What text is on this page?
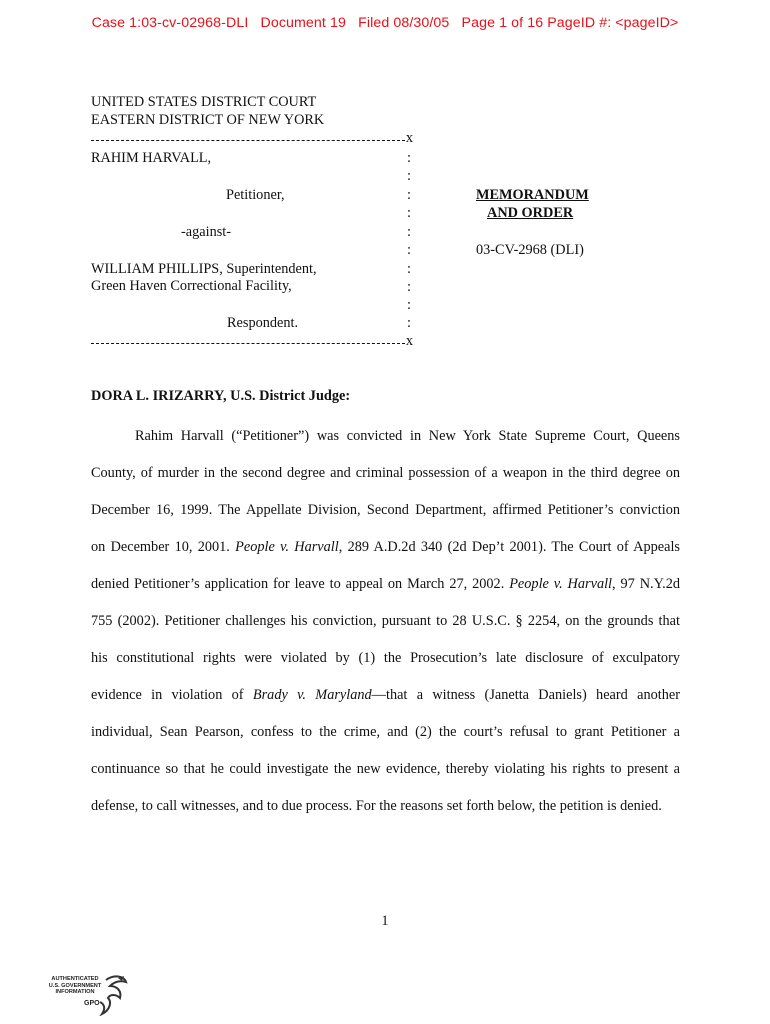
Case 1:03-cv-02968-DLI   Document 19   Filed 08/30/05   Page 1 of 16 PageID #: <pageID>
UNITED STATES DISTRICT COURT
EASTERN DISTRICT OF NEW YORK
x
RAHIM HARVALL,
Petitioner,
-against-
WILLIAM PHILLIPS, Superintendent,
Green Haven Correctional Facility,
Respondent.
x
:
:
:
:
:
:
:
:
:
:
MEMORANDUM
AND ORDER
03-CV-2968 (DLI)
DORA L. IRIZARRY, U.S. District Judge:
Rahim Harvall (“Petitioner”) was convicted in New York State Supreme Court, Queens
County, of murder in the second degree and criminal possession of a weapon in the third degree on
December 16, 1999. The Appellate Division, Second Department, affirmed Petitioner’s conviction
on December 10, 2001. People v. Harvall, 289 A.D.2d 340 (2d Dep’t 2001). The Court of Appeals
denied Petitioner’s application for leave to appeal on March 27, 2002. People v. Harvall, 97 N.Y.2d
755 (2002). Petitioner challenges his conviction, pursuant to 28 U.S.C. § 2254, on the grounds that
his constitutional rights were violated by (1) the Prosecution’s late disclosure of exculpatory
evidence in violation of Brady v. Maryland—that a witness (Janetta Daniels) heard another
individual, Sean Pearson, confess to the crime, and (2) the court’s refusal to grant Petitioner a
continuance so that he could investigate the new evidence, thereby violating his rights to present a
defense, to call witnesses, and to due process. For the reasons set forth below, the petition is denied.
1
AUTHENTICATED
U.S. GOVERNMENT
INFORMATION
GPO
